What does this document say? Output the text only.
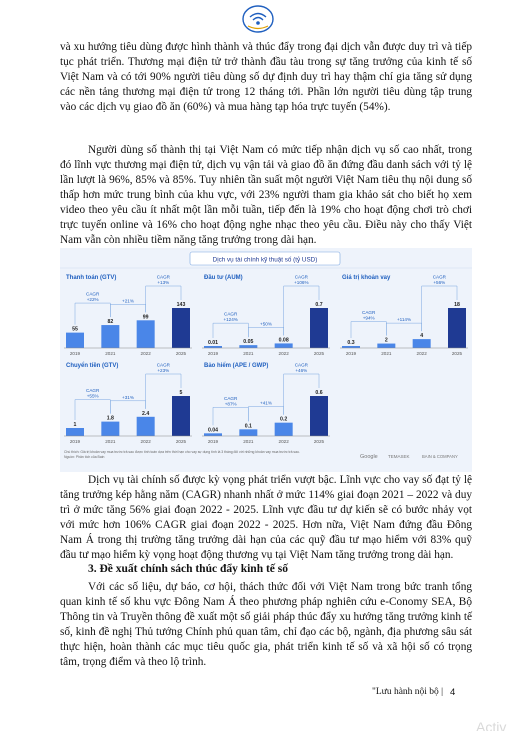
và xu hướng tiêu dùng được hình thành và thúc đẩy trong đại dịch vẫn được duy trì và tiếp tục phát triển. Thương mại điện tử trở thành đầu tàu trong sự tăng trưởng của kinh tế số Việt Nam và có tới 90% người tiêu dùng số dự định duy trì hay thậm chí gia tăng sử dụng các nền tảng thương mại điện tử trong 12 tháng tới. Phần lớn người tiêu dùng tập trung vào các dịch vụ giao đồ ăn (60%) và mua hàng tạp hóa trực tuyến (54%).

Người dùng số thành thị tại Việt Nam có mức tiếp nhận dịch vụ số cao nhất, trong đó lĩnh vực thương mại điện tử, dịch vụ vận tải và giao đồ ăn đứng đầu danh sách với tỷ lệ lần lượt là 96%, 85% và 85%. Tuy nhiên tần suất một người Việt Nam tiêu thụ nội dung số thấp hơn mức trung bình của khu vực, với 23% người tham gia khảo sát cho biết họ xem video theo yêu cầu ít nhất một lần mỗi tuần, tiếp đến là 19% cho hoạt động chơi trò chơi trực tuyến online và 16% cho hoạt động nghe nhạc theo yêu cầu. Điều này cho thấy Việt Nam vẫn còn nhiều tiềm năng tăng trưởng trong dài hạn.

Dịch vụ tài chính kỹ thuật số (tỷ USD)
Thanh toán (GTV)
55
2019
82
2021
99
2022
143
2025
CAGR
+22%	+21%
CAGR
+13%
Đầu tư (AUM)
0.01
2019
0.05
2021
0.08
2022
0.7
2025
CAGR
+124%
+50%
CAGR
+106%
Giá trị khoản vay
0.3
2019
2
2021
4
2022
18
2025
CAGR
+94%	+114%
CAGR
+56%
Chuyển tiền (GTV)
1
2019
1.8
2021
2.4
2022
5
2025
CAGR
+55%	+31%
CAGR
+23%
Bảo hiểm (APE / GWP)
0.04
2019
0.1
2021
0.2
2022
0.6
2025
CAGR
+87%	+41%
CAGR
+46%
Chú thích: Giá trị khoản vay mua trước trả sau được tính toán dựa trên thời hạn cho vay sự dụng tính là 3 tháng đối với những khoản vay mua trước trả sau.
Nguồn: Phân tích của Bain	Google TEMASEK	BAIN & COMPANY

Dịch vụ tài chính số được kỳ vọng phát triển vượt bậc. Lĩnh vực cho vay số đạt tỷ lệ tăng trưởng kép hằng năm (CAGR) nhanh nhất ở mức 114% giai đoạn 2021 – 2022 và duy trì ở mức tăng 56% giai đoạn 2022 - 2025. Lĩnh vực đầu tư dự kiến sẽ có bước nhảy vọt với mức hơn 106% CAGR giai đoạn 2022 - 2025. Hơn nữa, Việt Nam đứng đầu Đông Nam Á trong thị trường tăng trưởng dài hạn của các quỹ đầu tư mạo hiểm với 83% quỹ đầu tư mạo hiểm kỳ vọng hoạt động thương vụ tại Việt Nam tăng trưởng trong dài hạn.

3. Đề xuất chính sách thúc đẩy kinh tế số

Với các số liệu, dự báo, cơ hội, thách thức đối với Việt Nam trong bức tranh tổng quan kinh tế số khu vực Đông Nam Á theo phương pháp nghiên cứu e-Conomy SEA, Bộ Thông tin và Truyền thông đề xuất một số giải pháp thúc đẩy xu hướng tăng trưởng kinh tế số, kinh đề nghị Thủ tướng Chính phủ quan tâm, chỉ đạo các bộ, ngành, địa phương sâu sát thực hiện, hoàn thành các mục tiêu quốc gia, phát triển kinh tế số và xã hội số có trọng tâm, trọng điểm và theo lộ trình.

"Lưu hành nội bộ | 4
Activ
